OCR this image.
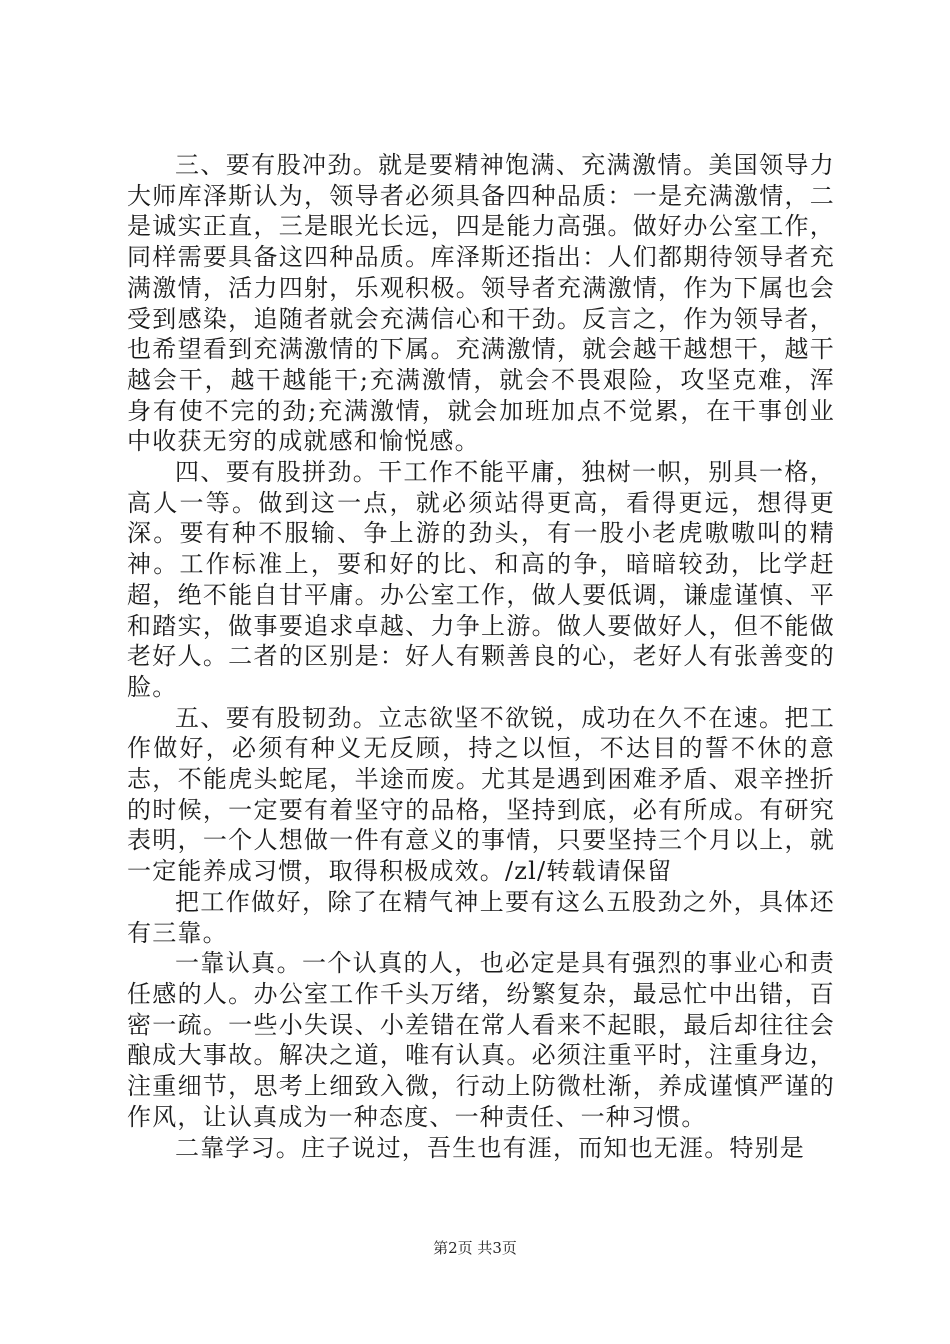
三、要有股冲劲。就是要精神饱满、充满激情。美国领导力大师库泽斯认为，领导者必须具备四种品质：一是充满激情，二是诚实正直，三是眼光长远，四是能力高强。做好办公室工作，同样需要具备这四种品质。库泽斯还指出：人们都期待领导者充满激情，活力四射，乐观积极。领导者充满激情，作为下属也会受到感染，追随者就会充满信心和干劲。反言之，作为领导者，也希望看到充满激情的下属。充满激情，就会越干越想干，越干越会干，越干越能干;充满激情，就会不畏艰险，攻坚克难，浑身有使不完的劲;充满激情，就会加班加点不觉累，在干事创业中收获无穷的成就感和愉悦感。

四、要有股拼劲。干工作不能平庸，独树一帜，别具一格，高人一等。做到这一点，就必须站得更高，看得更远，想得更深。要有种不服输、争上游的劲头，有一股小老虎嗷嗷叫的精神。工作标准上，要和好的比、和高的争，暗暗较劲，比学赶超，绝不能自甘平庸。办公室工作，做人要低调，谦虚谨慎、平和踏实，做事要追求卓越、力争上游。做人要做好人，但不能做老好人。二者的区别是：好人有颗善良的心，老好人有张善变的脸。

五、要有股韧劲。立志欲坚不欲锐，成功在久不在速。把工作做好，必须有种义无反顾，持之以恒，不达目的誓不休的意志，不能虎头蛇尾，半途而废。尤其是遇到困难矛盾、艰辛挫折的时候，一定要有着坚守的品格，坚持到底，必有所成。有研究表明，一个人想做一件有意义的事情，只要坚持三个月以上，就一定能养成习惯，取得积极成效。/zl/转载请保留

把工作做好，除了在精气神上要有这么五股劲之外，具体还有三靠。

一靠认真。一个认真的人，也必定是具有强烈的事业心和责任感的人。办公室工作千头万绪，纷繁复杂，最忌忙中出错，百密一疏。一些小失误、小差错在常人看来不起眼，最后却往往会酿成大事故。解决之道，唯有认真。必须注重平时，注重身边，注重细节，思考上细致入微，行动上防微杜渐，养成谨慎严谨的作风，让认真成为一种态度、一种责任、一种习惯。

二靠学习。庄子说过，吾生也有涯，而知也无涯。特别是

第2页 共3页
